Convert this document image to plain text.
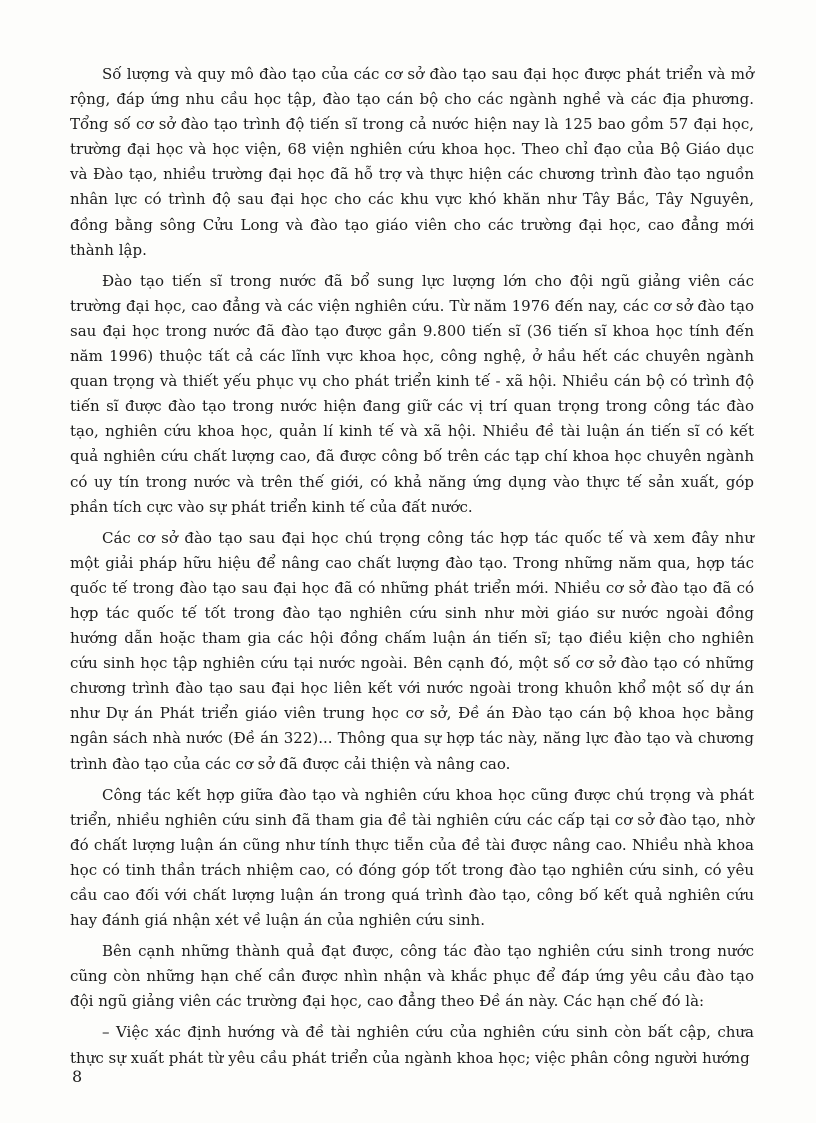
Số lượng và quy mô đào tạo của các cơ sở đào tạo sau đại học được phát triển và mở rộng, đáp ứng nhu cầu học tập, đào tạo cán bộ cho các ngành nghề và các địa phương. Tổng số cơ sở đào tạo trình độ tiến sĩ trong cả nước hiện nay là 125 bao gồm 57 đại học, trường đại học và học viện, 68 viện nghiên cứu khoa học. Theo chỉ đạo của Bộ Giáo dục và Đào tạo, nhiều trường đại học đã hỗ trợ và thực hiện các chương trình đào tạo nguồn nhân lực có trình độ sau đại học cho các khu vực khó khăn như Tây Bắc, Tây Nguyên, đồng bằng sông Cửu Long và đào tạo giáo viên cho các trường đại học, cao đẳng mới thành lập.

Đào tạo tiến sĩ trong nước đã bổ sung lực lượng lớn cho đội ngũ giảng viên các trường đại học, cao đẳng và các viện nghiên cứu. Từ năm 1976 đến nay, các cơ sở đào tạo sau đại học trong nước đã đào tạo được gần 9.800 tiến sĩ (36 tiến sĩ khoa học tính đến năm 1996) thuộc tất cả các lĩnh vực khoa học, công nghệ, ở hầu hết các chuyên ngành quan trọng và thiết yếu phục vụ cho phát triển kinh tế - xã hội. Nhiều cán bộ có trình độ tiến sĩ được đào tạo trong nước hiện đang giữ các vị trí quan trọng trong công tác đào tạo, nghiên cứu khoa học, quản lí kinh tế và xã hội. Nhiều đề tài luận án tiến sĩ có kết quả nghiên cứu chất lượng cao, đã được công bố trên các tạp chí khoa học chuyên ngành có uy tín trong nước và trên thế giới, có khả năng ứng dụng vào thực tế sản xuất, góp phần tích cực vào sự phát triển kinh tế của đất nước.

Các cơ sở đào tạo sau đại học chú trọng công tác hợp tác quốc tế và xem đây như một giải pháp hữu hiệu để nâng cao chất lượng đào tạo. Trong những năm qua, hợp tác quốc tế trong đào tạo sau đại học đã có những phát triển mới. Nhiều cơ sở đào tạo đã có hợp tác quốc tế tốt trong đào tạo nghiên cứu sinh như mời giáo sư nước ngoài đồng hướng dẫn hoặc tham gia các hội đồng chấm luận án tiến sĩ; tạo điều kiện cho nghiên cứu sinh học tập nghiên cứu tại nước ngoài. Bên cạnh đó, một số cơ sở đào tạo có những chương trình đào tạo sau đại học liên kết với nước ngoài trong khuôn khổ một số dự án như Dự án Phát triển giáo viên trung học cơ sở, Đề án Đào tạo cán bộ khoa học bằng ngân sách nhà nước (Đề án 322)... Thông qua sự hợp tác này, năng lực đào tạo và chương trình đào tạo của các cơ sở đã được cải thiện và nâng cao.

Công tác kết hợp giữa đào tạo và nghiên cứu khoa học cũng được chú trọng và phát triển, nhiều nghiên cứu sinh đã tham gia đề tài nghiên cứu các cấp tại cơ sở đào tạo, nhờ đó chất lượng luận án cũng như tính thực tiễn của đề tài được nâng cao. Nhiều nhà khoa học có tinh thần trách nhiệm cao, có đóng góp tốt trong đào tạo nghiên cứu sinh, có yêu cầu cao đối với chất lượng luận án trong quá trình đào tạo, công bố kết quả nghiên cứu hay đánh giá nhận xét về luận án của nghiên cứu sinh.

Bên cạnh những thành quả đạt được, công tác đào tạo nghiên cứu sinh trong nước cũng còn những hạn chế cần được nhìn nhận và khắc phục để đáp ứng yêu cầu đào tạo đội ngũ giảng viên các trường đại học, cao đẳng theo Đề án này. Các hạn chế đó là:

– Việc xác định hướng và đề tài nghiên cứu của nghiên cứu sinh còn bất cập, chưa thực sự xuất phát từ yêu cầu phát triển của ngành khoa học; việc phân công người hướng

8
